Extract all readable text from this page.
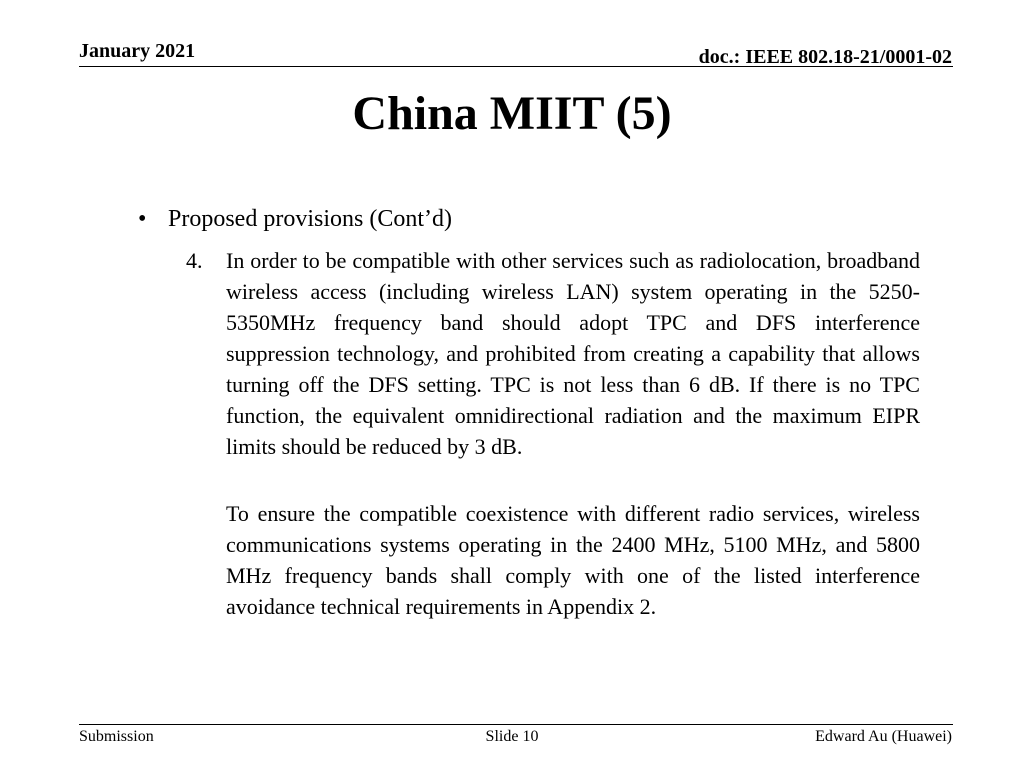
January 2021	doc.: IEEE 802.18-21/0001-02
China MIIT (5)
• Proposed provisions (Cont’d)
4. In order to be compatible with other services such as radiolocation, broadband wireless access (including wireless LAN) system operating in the 5250-5350MHz frequency band should adopt TPC and DFS interference suppression technology, and prohibited from creating a capability that allows turning off the DFS setting. TPC is not less than 6 dB. If there is no TPC function, the equivalent omnidirectional radiation and the maximum EIPR limits should be reduced by 3 dB.

To ensure the compatible coexistence with different radio services, wireless communications systems operating in the 2400 MHz, 5100 MHz, and 5800 MHz frequency bands shall comply with one of the listed interference avoidance technical requirements in Appendix 2.

Submission	Slide 10	Edward Au (Huawei)
